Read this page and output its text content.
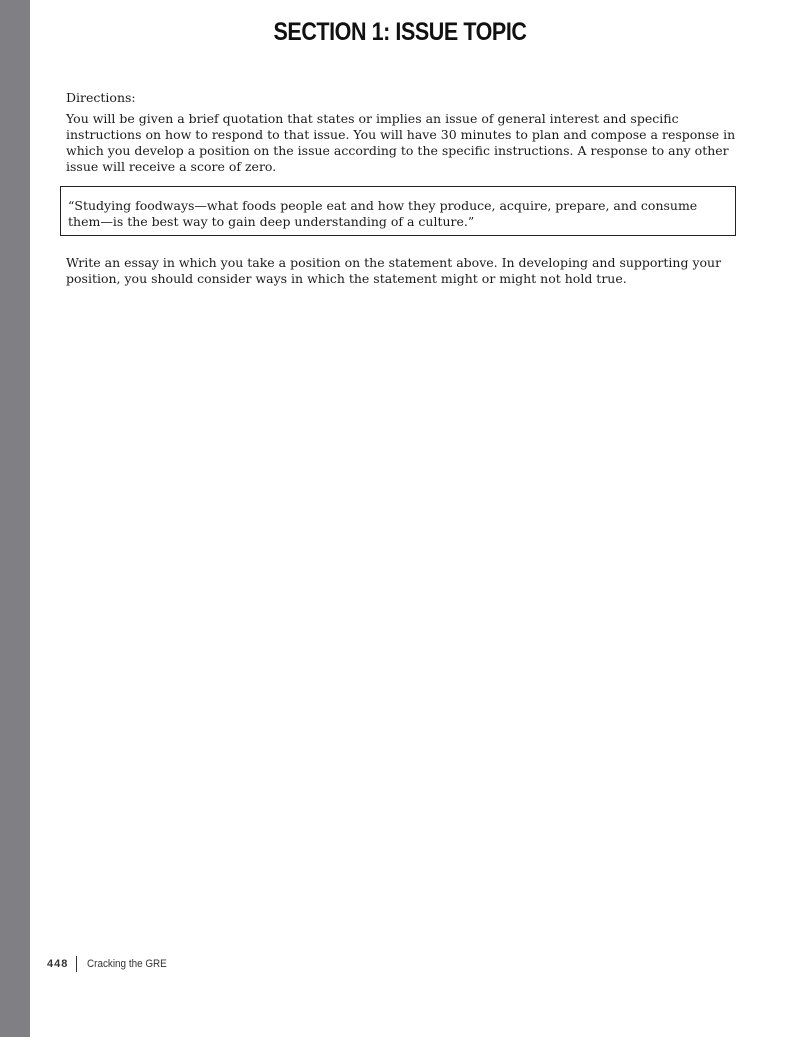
SECTION 1: ISSUE TOPIC

Directions:

You will be given a brief quotation that states or implies an issue of general interest and specific instructions on how to respond to that issue. You will have 30 minutes to plan and compose a response in which you develop a position on the issue according to the specific instructions. A response to any other issue will receive a score of zero.

“Studying foodways—what foods people eat and how they produce, acquire, prepare, and consume them—is the best way to gain deep understanding of a culture.”

Write an essay in which you take a position on the statement above. In developing and supporting your position, you should consider ways in which the statement might or might not hold true.

448 Cracking the GRE
